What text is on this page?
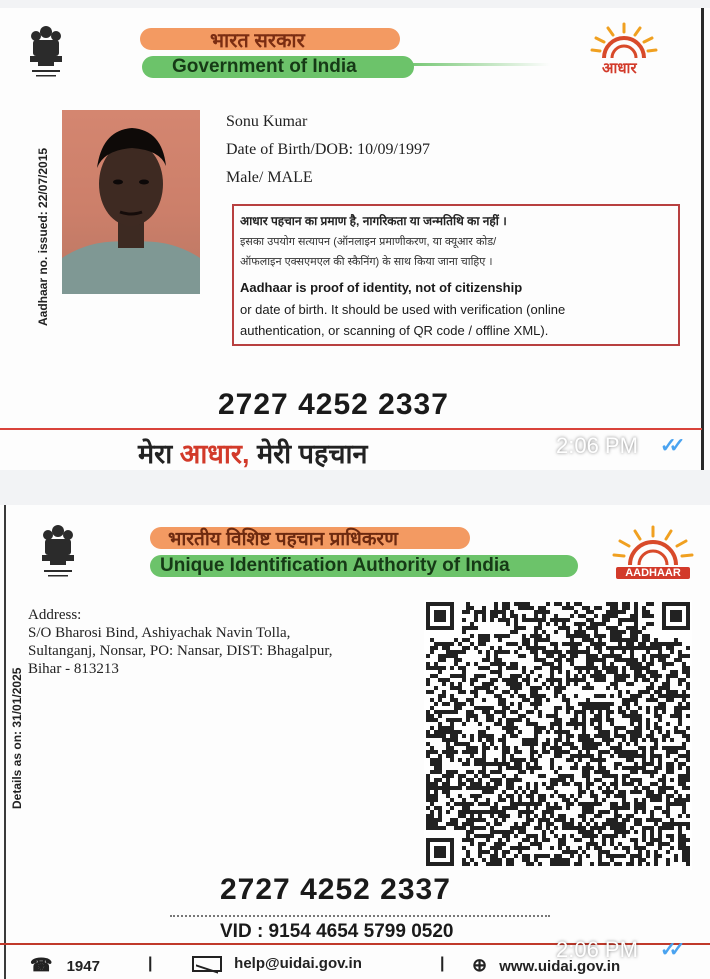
भारत सरकार
Government of India	आधार
Aadhaar no. issued: 22/07/2015
Sonu Kumar
Date of Birth/DOB: 10/09/1997
Male/ MALE
आधार पहचान का प्रमाण है, नागरिकता या जन्मतिथि का नहीं ।
इसका उपयोग सत्यापन (ऑनलाइन प्रमाणीकरण, या क्यूआर कोड/
ऑफलाइन एक्सएमएल की स्कैनिंग) के साथ किया जाना चाहिए ।
Aadhaar is proof of identity, not of citizenship
or date of birth. It should be used with verification (online
authentication, or scanning of QR code / offline XML).
2727 4252 2337
मेरा आधार, मेरी पहचान	2:06 PM ✓✓
भारतीय विशिष्ट पहचान प्राधिकरण
Unique Identification Authority of India	AADHAAR
Details as on: 31/01/2025
Address:
S/O Bharosi Bind, Ashiyachak Navin Tolla,
Sultanganj, Nonsar, PO: Nansar, DIST: Bhagalpur,
Bihar - 813213
2727 4252 2337
VID : 9154 4654 5799 0520
☎ 1947	|	help@uidai.gov.in	| ⊕ www.uidai.gov.in
2:06 PM ✓✓
